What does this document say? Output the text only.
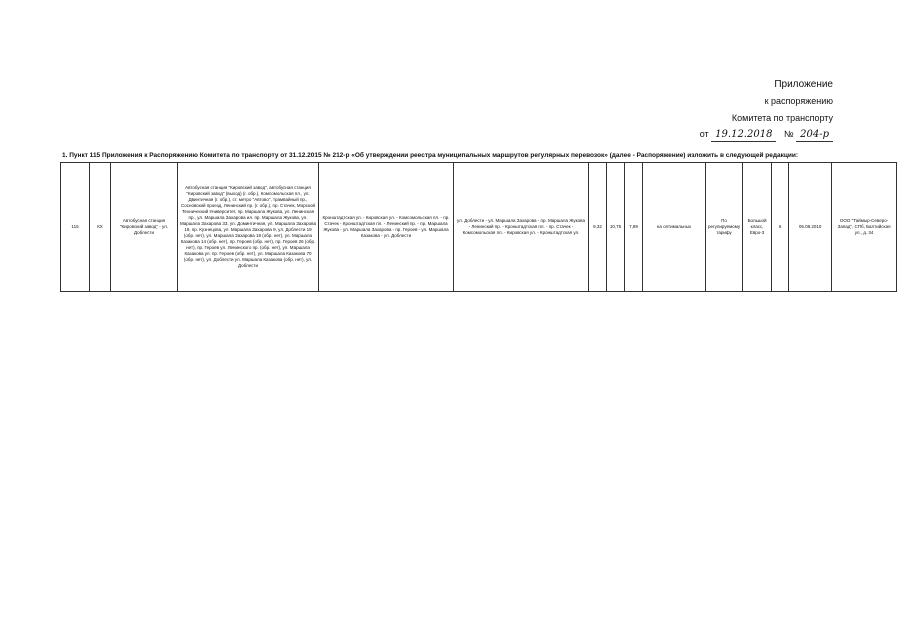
Приложение
к распоряжению
Комитета по транспорту
от 19.12.2018 № 204-р
1. Пункт 115 Приложения к Распоряжению Комитета по транспорту от 31.12.2015 № 212-р «Об утверждении реестра муниципальных маршрутов регулярных перевозок» (далее - Распоряжение) изложить в следующей редакции:
115	КХ	Автобусная станция "Кировский завод" - ул. Доблести	Автобусная станция "Кировский завод", автобусная станция "Кировский завод" (выход) (г. обр.), Комсомольская пл., ул. Двинтичная (г. обр.), ст. метро "Автово", трамвайный пр., Сосновский проезд, Ленинский пр. (г. обр.), пр. Стачек, Морской Технический Университет, пр. Маршала Жукова, ул. Ленинская пр., ул. Маршала Захарова ил. пр. Маршала Жукова, ул. Маршала Захарова 33, ул. Доминтичная, ул. Маршала Захарова 19, пр. Кузнецова, ул. Маршала Захарова 9, ул. Доблести 19 (обр. нет), ул. Маршала Захарова 18 (обр. нет), ул. Маршала Казакова 14 (обр. нет), пр. Героев (обр. нет), пр. Героев 26 (обр. нет), пр. Героев ул. Ленинского пр. (обр. нет), ул. Маршала Казакова ул. пр. Героев (обр. нет), ул. Маршала Казакова 70 (обр. нет), ул. Доблести ул. Маршала Казакова (обр. нет), ул. Доблести	Кронштадтская ул. - Кировская ул. - Комсомольская пл. - пр. Стачек - Кронштадтская пл. - Ленинский пр. - пр. Маршала Жукова - ул. Маршала Захарова - пр. Героев - ул. Маршала Казакова - ул. Доблести	ул. Доблести - ул. Маршала Захарова - пр. Маршала Жукова - Ленинский пр. - Кронштадтская пл. - пр. Стачек - Комсомольская пл. - Кировская ул. - Кронштадтская ул.	9,32	10,75	7,89	на оптимальных	По регулируемому тарифу	Большой класс, Евро-3	6	05.08.2010	ООО "Таймыр-Северо-Запад", СПб, Балтийская ул., д. 34
